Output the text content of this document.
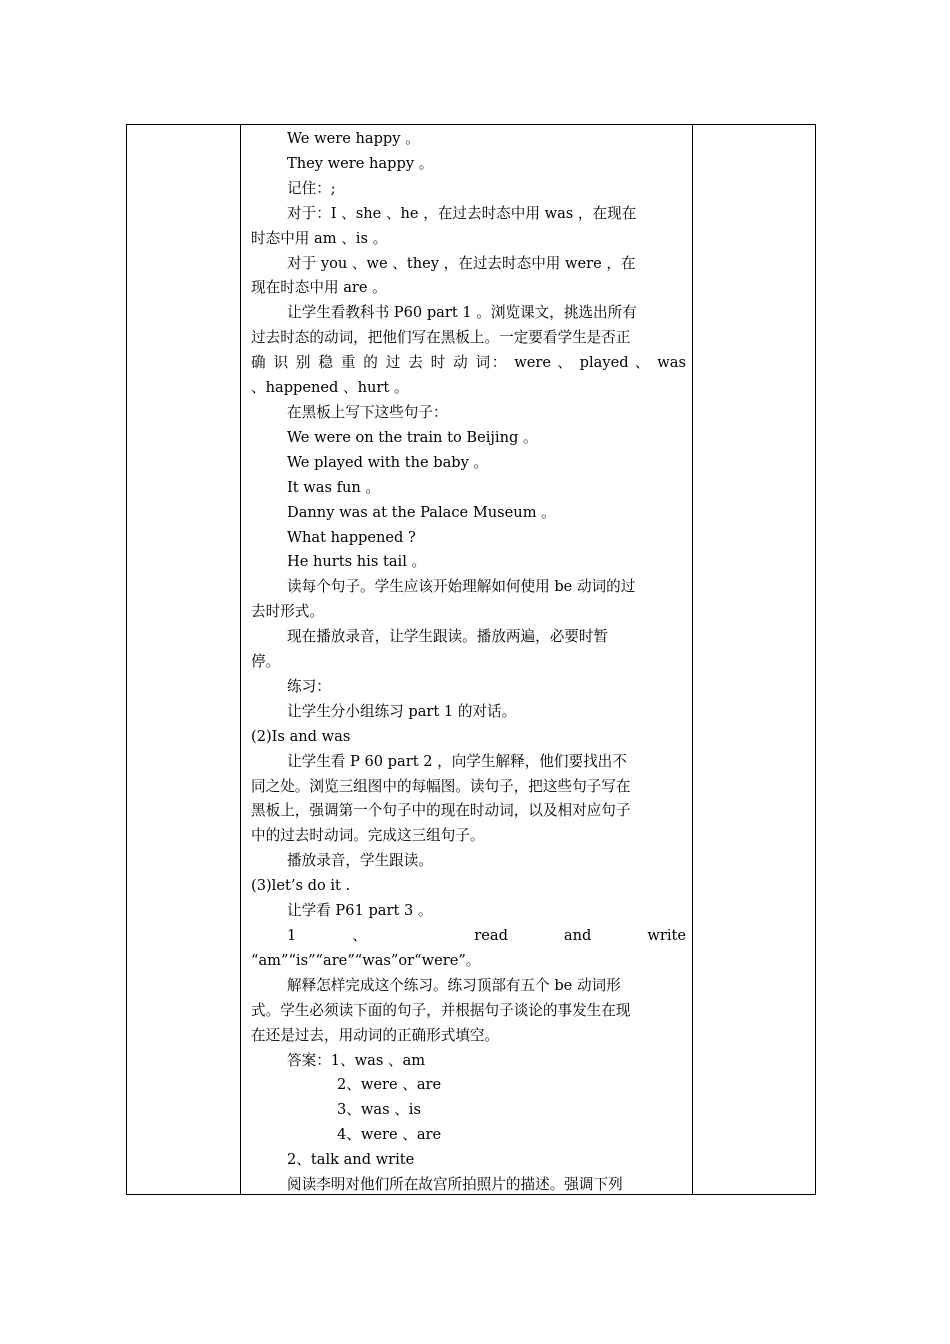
We were happy 。
They were happy 。
记住：;
对于：I 、she 、he ，在过去时态中用 was ，在现在
时态中用 am 、is 。
对于 you 、we 、they ，在过去时态中用 were ，在
现在时态中用 are 。
让学生看教科书 P60 part 1 。浏览课文，挑选出所有
过去时态的动词，把他们写在黑板上。一定要看学生是否正
确 识 别 稳 重 的 过 去 时 动 词： were 、 played 、 was
、happened 、hurt 。
在黑板上写下这些句子：
We were on the train to Beijing 。
We played with the baby 。
It was fun 。
Danny was at the Palace Museum 。
What happened ?
He hurts his tail 。
读每个句子。学生应该开始理解如何使用 be 动词的过
去时形式。
现在播放录音，让学生跟读。播放两遍，必要时暂
停。
练习：
让学生分小组练习 part 1 的对话。
(2)Is and was
让学生看 P 60 part 2 ，向学生解释，他们要找出不
同之处。浏览三组图中的每幅图。读句子，把这些句子写在
黑板上，强调第一个句子中的现在时动词，以及相对应句子
中的过去时动词。完成这三组句子。
播放录音，学生跟读。
(3)let’s do it .
让学看 P61 part 3 。
1 、 read and write
“am”“is”“are”“was”or“were”。
解释怎样完成这个练习。练习顶部有五个 be 动词形
式。学生必须读下面的句子，并根据句子谈论的事发生在现
在还是过去，用动词的正确形式填空。
答案：1、was 、am
2、were 、are
3、was 、is
4、were 、are
2、talk and write
阅读李明对他们所在故宫所拍照片的描述。强调下列
